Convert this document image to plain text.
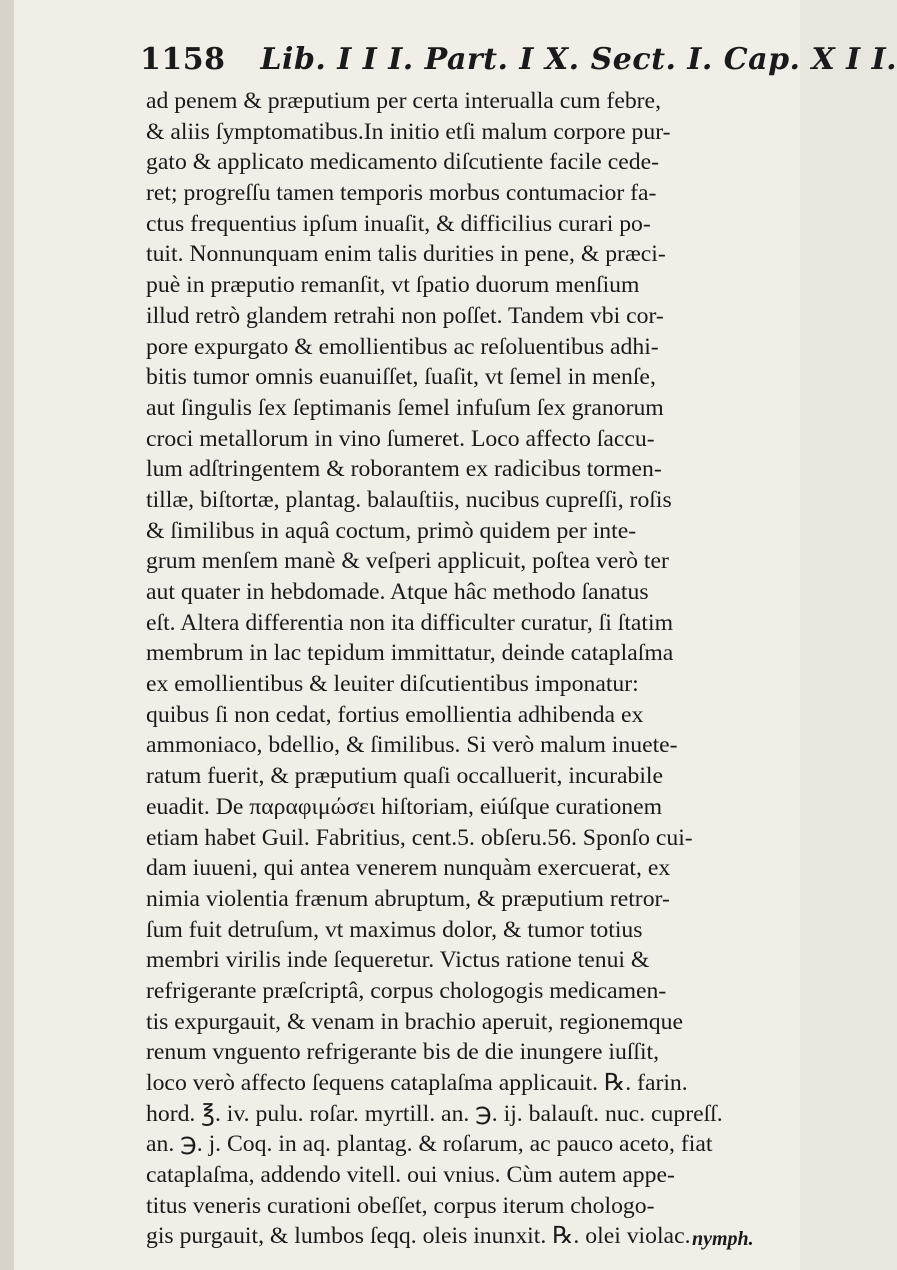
1158 Lib. I I I. Part. I X. Sect. I. Cap. X I I.
ad penem & præputium per certa interualla cum febre,
& aliis ſymptomatibus.In initio etſi malum corpore pur-
gato & applicato medicamento diſcutiente facile cede-
ret; progreſſu tamen temporis morbus contumacior fa-
ctus frequentius ipſum inuaſit, & difficilius curari po-
tuit. Nonnunquam enim talis durities in pene, & præci-
puè in præputio remanſit, vt ſpatio duorum menſium
illud retrò glandem retrahi non poſſet. Tandem vbi cor-
pore expurgato & emollientibus ac reſoluentibus adhi-
bitis tumor omnis euanuiſſet, ſuaſit, vt ſemel in menſe,
aut ſingulis ſex ſeptimanis ſemel infuſum ſex granorum
croci metallorum in vino ſumeret. Loco affecto ſaccu-
lum adſtringentem & roborantem ex radicibus tormen-
tillæ, biſtortæ, plantag. balauſtiis, nucibus cupreſſi, roſis
& ſimilibus in aquâ coctum, primò quidem per inte-
grum menſem manè & veſperi applicuit, poſtea verò ter
aut quater in hebdomade. Atque hâc methodo ſanatus
eſt. Altera differentia non ita difficulter curatur, ſi ſtatim
membrum in lac tepidum immittatur, deinde cataplaſma
ex emollientibus & leuiter diſcutientibus imponatur:
quibus ſi non cedat, fortius emollientia adhibenda ex
ammoniaco, bdellio, & ſimilibus. Si verò malum inuete-
ratum fuerit, & præputium quaſi occalluerit, incurabile
euadit. De παραφιμώσει hiſtoriam, eiúſque curationem
etiam habet Guil. Fabritius, cent.5. obſeru.56. Sponſo cui-
dam iuueni, qui antea venerem nunquàm exercuerat, ex
nimia violentia frænum abruptum, & præputium retror-
ſum fuit detruſum, vt maximus dolor, & tumor totius
membri virilis inde ſequeretur. Victus ratione tenui &
refrigerante præſcriptâ, corpus chologogis medicamen-
tis expurgauit, & venam in brachio aperuit, regionemque
renum vnguento refrigerante bis de die inungere iuſſit,
loco verò affecto ſequens cataplaſma applicauit. ℞. farin.
hord. ℥. iv. pulu. roſar. myrtill. an. ℈. ij. balauſt. nuc. cupreſſ.
an. ℈. j. Coq. in aq. plantag. & roſarum, ac pauco aceto, fiat
cataplaſma, addendo vitell. oui vnius. Cùm autem appe-
titus veneris curationi obeſſet, corpus iterum chologo-
gis purgauit, & lumbos ſeqq. oleis inunxit. ℞. olei violac. nymph.
